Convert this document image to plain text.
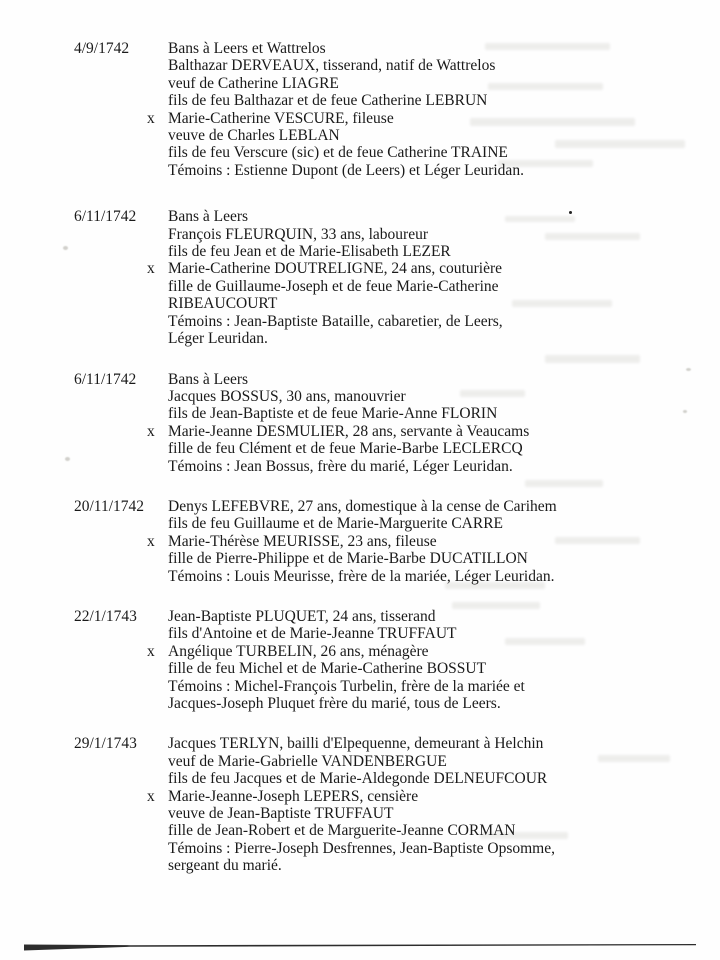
4/9/1742	Bans à Leers et Wattrelos
Balthazar DERVEAUX, tisserand, natif de Wattrelos
veuf de Catherine LIAGRE
fils de feu Balthazar et de feue Catherine LEBRUN
x Marie-Catherine VESCURE, fileuse
veuve de Charles LEBLAN
fils de feu Verscure (sic) et de feue Catherine TRAINE
Témoins : Estienne Dupont (de Leers) et Léger Leuridan.
6/11/1742	Bans à Leers
François FLEURQUIN, 33 ans, laboureur
fils de feu Jean et de Marie-Elisabeth LEZER
x Marie-Catherine DOUTRELIGNE, 24 ans, couturière
fille de Guillaume-Joseph et de feue Marie-Catherine
RIBEAUCOURT
Témoins : Jean-Baptiste Bataille, cabaretier, de Leers,
Léger Leuridan.
6/11/1742	Bans à Leers
Jacques BOSSUS, 30 ans, manouvrier
fils de Jean-Baptiste et de feue Marie-Anne FLORIN
x Marie-Jeanne DESMULIER, 28 ans, servante à Veaucams
fille de feu Clément et de feue Marie-Barbe LECLERCQ
Témoins : Jean Bossus, frère du marié, Léger Leuridan.
20/11/1742 Denys LEFEBVRE, 27 ans, domestique à la cense de Carihem
fils de feu Guillaume et de Marie-Marguerite CARRE
x Marie-Thérèse MEURISSE, 23 ans, fileuse
fille de Pierre-Philippe et de Marie-Barbe DUCATILLON
Témoins : Louis Meurisse, frère de la mariée, Léger Leuridan.
22/1/1743	Jean-Baptiste PLUQUET, 24 ans, tisserand
fils d'Antoine et de Marie-Jeanne TRUFFAUT
x Angélique TURBELIN, 26 ans, ménagère
fille de feu Michel et de Marie-Catherine BOSSUT
Témoins : Michel-François Turbelin, frère de la mariée et
Jacques-Joseph Pluquet frère du marié, tous de Leers.
29/1/1743	Jacques TERLYN, bailli d'Elpequenne, demeurant à Helchin
veuf de Marie-Gabrielle VANDENBERGUE
fils de feu Jacques et de Marie-Aldegonde DELNEUFCOUR
x Marie-Jeanne-Joseph LEPERS, censière
veuve de Jean-Baptiste TRUFFAUT
fille de Jean-Robert et de Marguerite-Jeanne CORMAN
Témoins : Pierre-Joseph Desfrennes, Jean-Baptiste Opsomme,
sergeant du marié.
